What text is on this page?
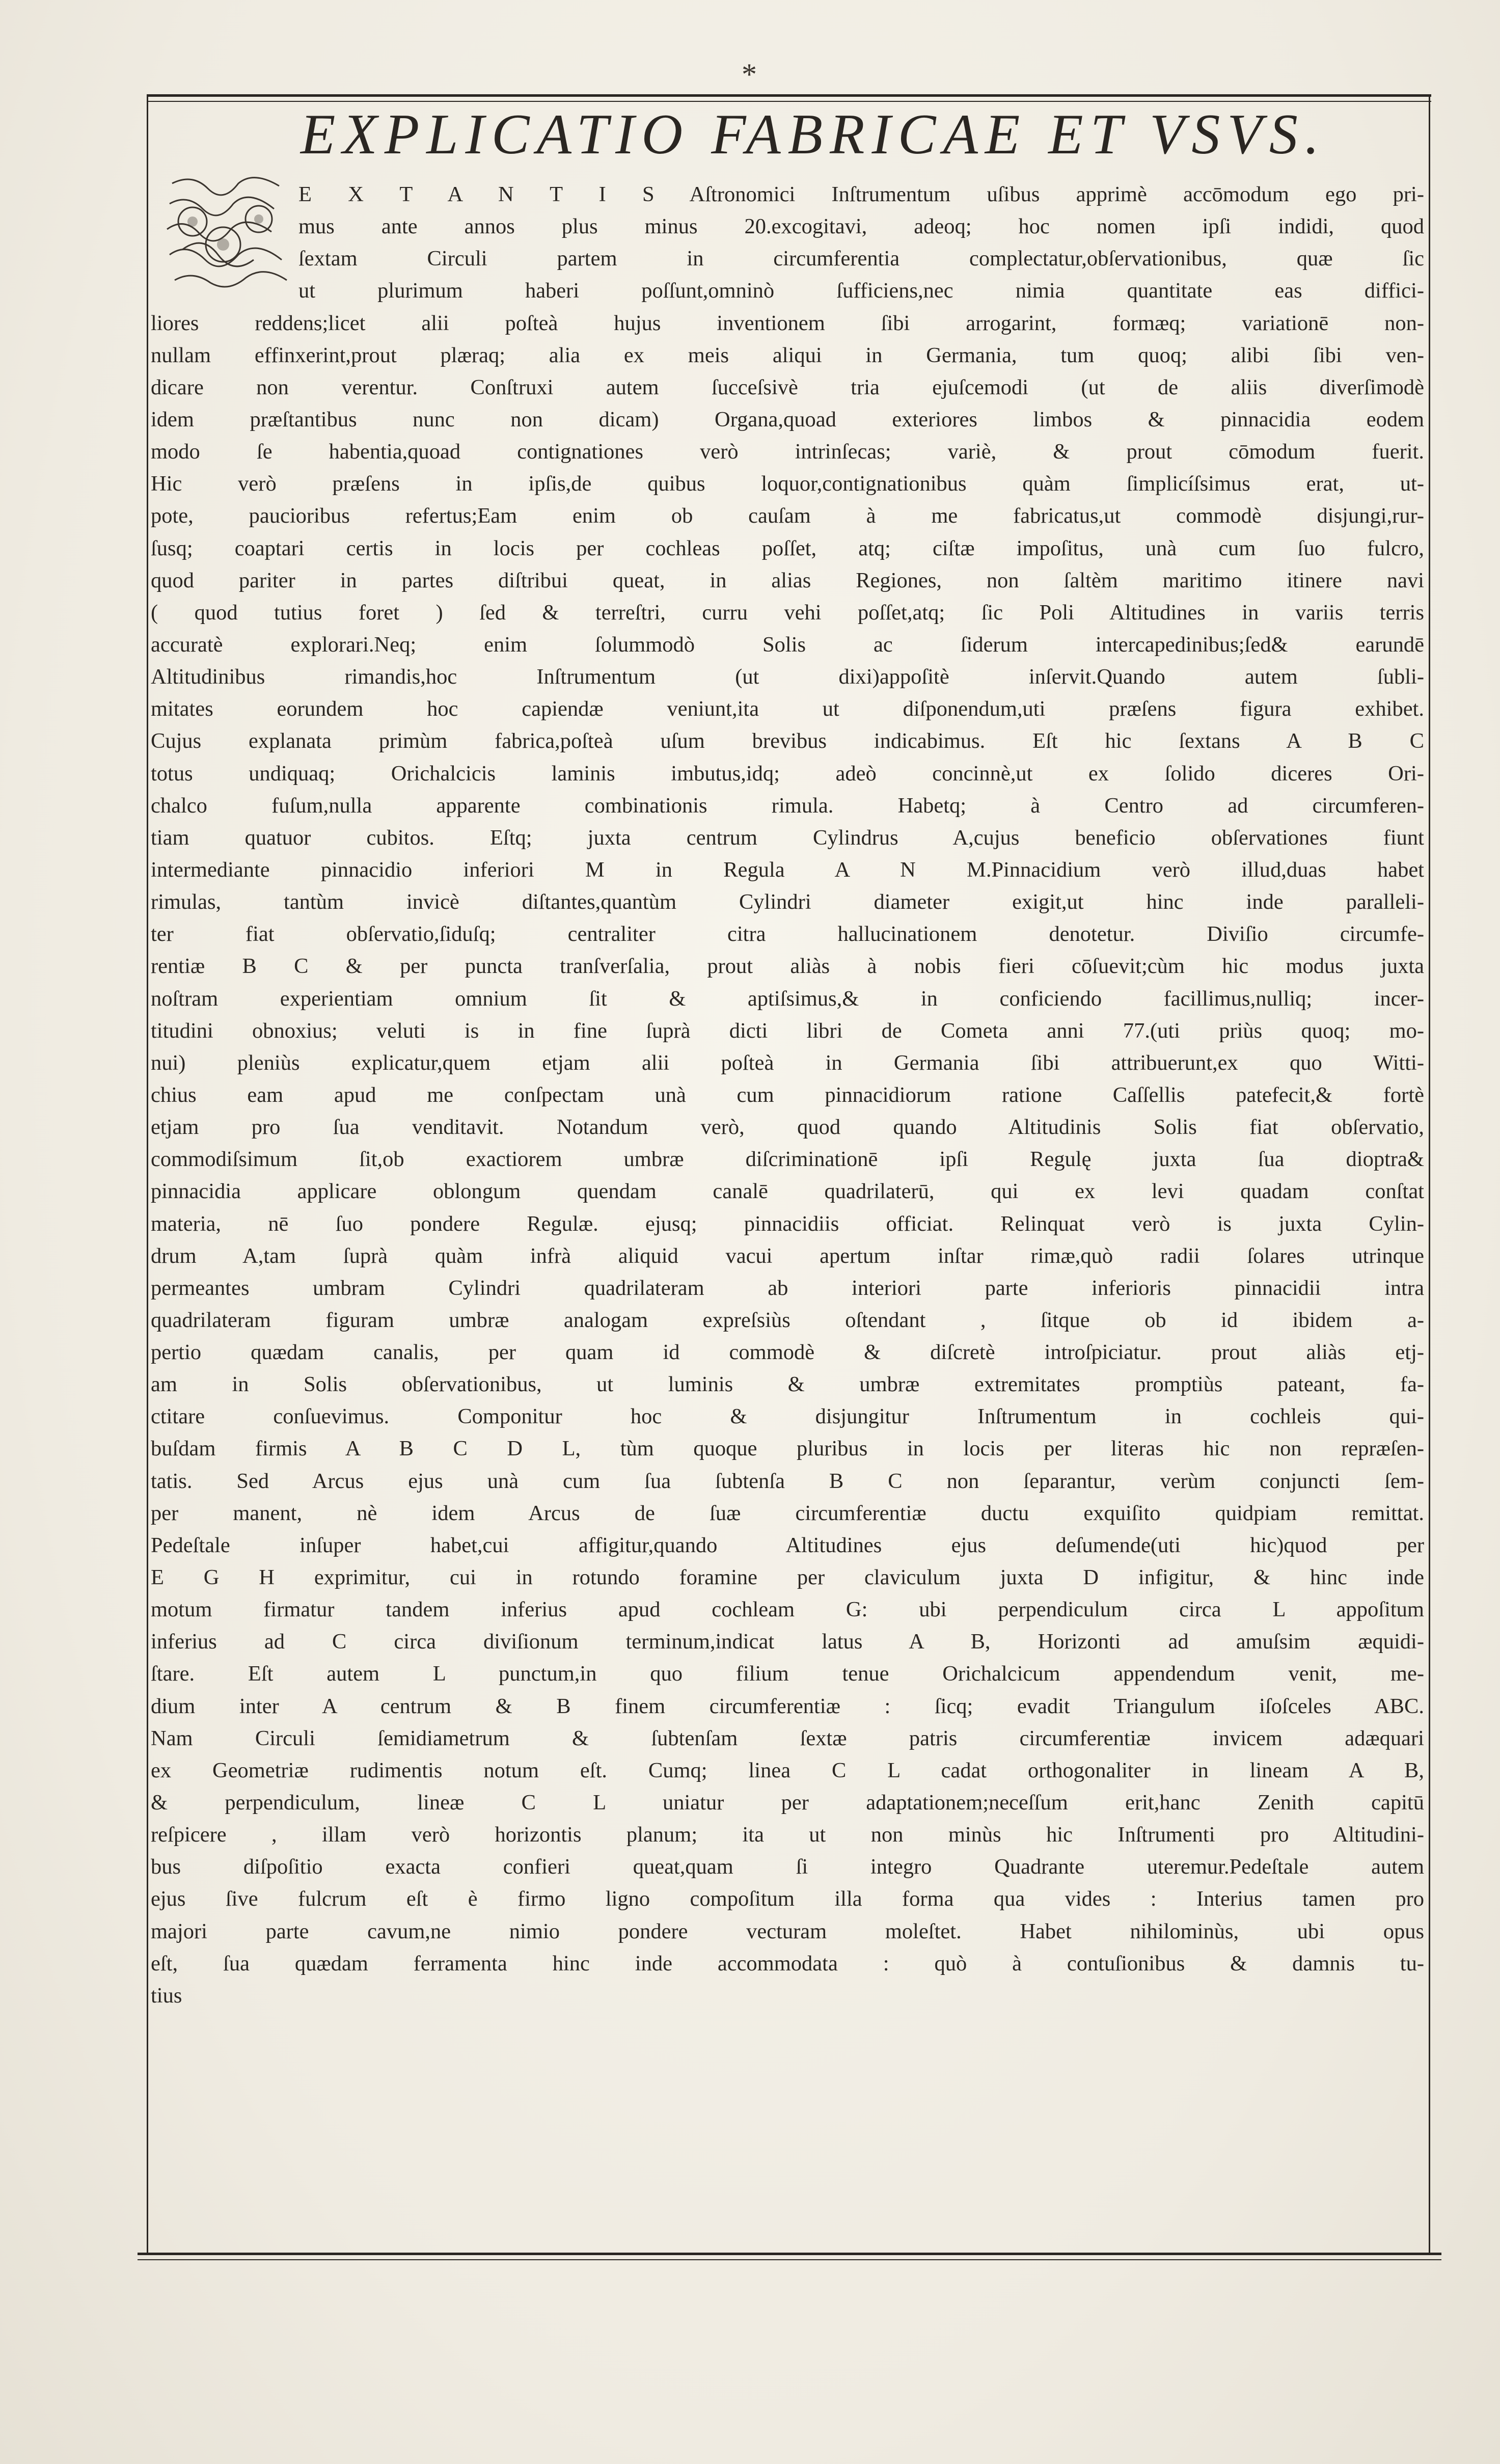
*
EXPLICATIO FABRICAE ET VSVS.
E X T A N T I S Aſtronomici Inſtrumentum uſibus apprimè accōmodum ego pri-
mus ante annos plus minus 20.excogitavi, adeoq; hoc nomen ipſi indidi, quod
ſextam Circuli partem in circumferentia complectatur,obſervationibus, quæ ſic
ut plurimum haberi poſſunt,omninò ſufficiens,nec nimia quantitate eas diffici-
liores reddens;licet alii poſteà hujus inventionem ſibi arrogarint, formæq; variationē non-
nullam effinxerint,prout plæraq; alia ex meis aliqui in Germania, tum quoq; alibi ſibi ven-
dicare non verentur. Conſtruxi autem ſucceſsivè tria ejuſcemodi (ut de aliis diverſimodè
idem præſtantibus nunc non dicam) Organa,quoad exteriores limbos & pinnacidia eodem
modo ſe habentia,quoad contignationes verò intrinſecas; variè, & prout cōmodum fuerit.
Hic verò præſens in ipſis,de quibus loquor,contignationibus quàm ſimplicíſsimus erat, ut-
pote, paucioribus refertus;Eam enim ob cauſam à me fabricatus,ut commodè disjungi,rur-
ſusq; coaptari certis in locis per cochleas poſſet, atq; ciſtæ impoſitus, unà cum ſuo fulcro,
quod pariter in partes diſtribui queat, in alias Regiones, non ſaltèm maritimo itinere navi
( quod tutius foret ) ſed & terreſtri, curru vehi poſſet,atq; ſic Poli Altitudines in variis terris
accuratè explorari.Neq; enim ſolummodò Solis ac ſiderum intercapedinibus;ſed& earundē
Altitudinibus rimandis,hoc Inſtrumentum (ut dixi)appoſitè inſervit.Quando autem ſubli-
mitates eorundem hoc capiendæ veniunt,ita ut diſponendum,uti præſens figura exhibet.
Cujus explanata primùm fabrica,poſteà uſum brevibus indicabimus. Eſt hic ſextans A B C
totus undiquaq; Orichalcicis laminis imbutus,idq; adeò concinnè,ut ex ſolido diceres Ori-
chalco fuſum,nulla apparente combinationis rimula. Habetq; à Centro ad circumferen-
tiam quatuor cubitos. Eſtq; juxta centrum Cylindrus A,cujus beneficio obſervationes fiunt
intermediante pinnacidio inferiori M in Regula A N M.Pinnacidium verò illud,duas habet
rimulas, tantùm invicè diſtantes,quantùm Cylindri diameter exigit,ut hinc inde paralleli-
ter fiat obſervatio,ſiduſq; centraliter citra hallucinationem denotetur. Diviſio circumfe-
rentiæ B C & per puncta tranſverſalia, prout aliàs à nobis fieri cōſuevit;cùm hic modus juxta
noſtram experientiam omnium ſit & aptiſsimus,& in conficiendo facillimus,nulliq; incer-
titudini obnoxius; veluti is in fine ſuprà dicti libri de Cometa anni 77.(uti priùs quoq; mo-
nui) pleniùs explicatur,quem etjam alii poſteà in Germania ſibi attribuerunt,ex quo Witti-
chius eam apud me conſpectam unà cum pinnacidiorum ratione Caſſellis patefecit,& fortè
etjam pro ſua venditavit. Notandum verò, quod quando Altitudinis Solis fiat obſervatio,
commodiſsimum ſit,ob exactiorem umbræ diſcriminationē ipſi Regulę juxta ſua dioptra&
pinnacidia applicare oblongum quendam canalē quadrilaterū, qui ex levi quadam conſtat
materia, nē ſuo pondere Regulæ. ejusq; pinnacidiis officiat. Relinquat verò is juxta Cylin-
drum A,tam ſuprà quàm infrà aliquid vacui apertum inſtar rimæ,quò radii ſolares utrinque
permeantes umbram Cylindri quadrilateram ab interiori parte inferioris pinnacidii intra
quadrilateram figuram umbræ analogam expreſsiùs oſtendant , ſitque ob id ibidem a-
pertio quædam canalis, per quam id commodè & diſcretè introſpiciatur. prout aliàs etj-
am in Solis obſervationibus, ut luminis & umbræ extremitates promptiùs pateant, fa-
ctitare conſuevimus. Componitur hoc & disjungitur Inſtrumentum in cochleis qui-
buſdam firmis A B C D L, tùm quoque pluribus in locis per literas hic non repræſen-
tatis. Sed Arcus ejus unà cum ſua ſubtenſa B C non ſeparantur, verùm conjuncti ſem-
per manent, nè idem Arcus de ſuæ circumferentiæ ductu exquiſito quidpiam remittat.
Pedeſtale inſuper habet,cui affigitur,quando Altitudines ejus deſumende(uti hic)quod per
E G H exprimitur, cui in rotundo foramine per claviculum juxta D infigitur, & hinc inde
motum firmatur tandem inferius apud cochleam G: ubi perpendiculum circa L appoſitum
inferius ad C circa diviſionum terminum,indicat latus A B, Horizonti ad amuſsim æquidi-
ſtare. Eſt autem L punctum,in quo filium tenue Orichalcicum appendendum venit, me-
dium inter A centrum & B finem circumferentiæ : ſicq; evadit Triangulum iſoſceles ABC.
Nam Circuli ſemidiametrum & ſubtenſam ſextæ patris circumferentiæ invicem adæquari
ex Geometriæ rudimentis notum eſt. Cumq; linea C L cadat orthogonaliter in lineam A B,
& perpendiculum, lineæ C L uniatur per adaptationem;neceſſum erit,hanc Zenith capitū
reſpicere , illam verò horizontis planum; ita ut non minùs hic Inſtrumenti pro Altitudini-
bus diſpoſitio exacta confieri queat,quam ſi integro Quadrante uteremur.Pedeſtale autem
ejus ſive fulcrum eſt è firmo ligno compoſitum illa forma qua vides : Interius tamen pro
majori parte cavum,ne nimio pondere vecturam moleſtet. Habet nihilominùs, ubi opus
eſt, ſua quædam ferramenta hinc inde accommodata : quò à contuſionibus & damnis tu-
tius
